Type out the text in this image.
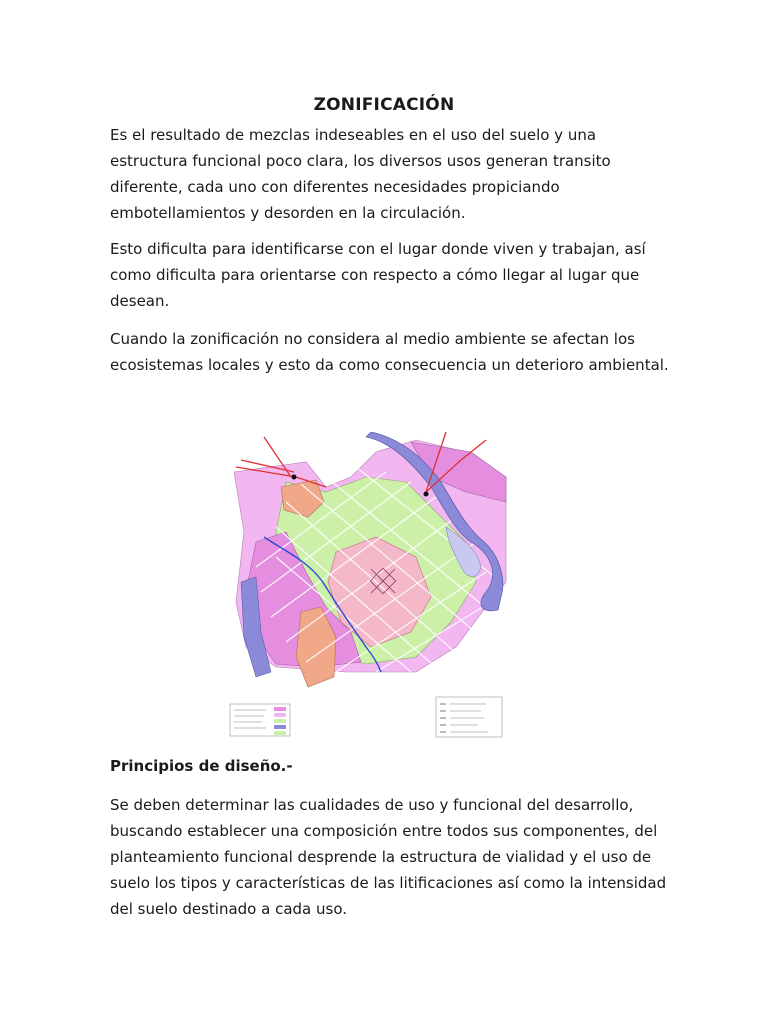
ZONIFICACIÓN

Es el resultado de mezclas indeseables en el uso del suelo y una estructura funcional poco clara, los diversos usos generan transito diferente, cada uno con diferentes necesidades propiciando embotellamientos y desorden en la circulación.

Esto dificulta para identificarse con el lugar donde viven y trabajan, así como dificulta para orientarse con respecto a cómo llegar al lugar que desean.

Cuando la zonificación no considera al medio ambiente se afectan los ecosistemas locales y esto da como consecuencia un deterioro ambiental.

Principios de diseño.-

Se deben determinar las cualidades de uso y funcional del desarrollo, buscando establecer una composición entre todos sus componentes, del planteamiento funcional desprende la estructura de vialidad y el uso de suelo los tipos y características de las litificaciones así como la intensidad del suelo destinado a cada uso.
